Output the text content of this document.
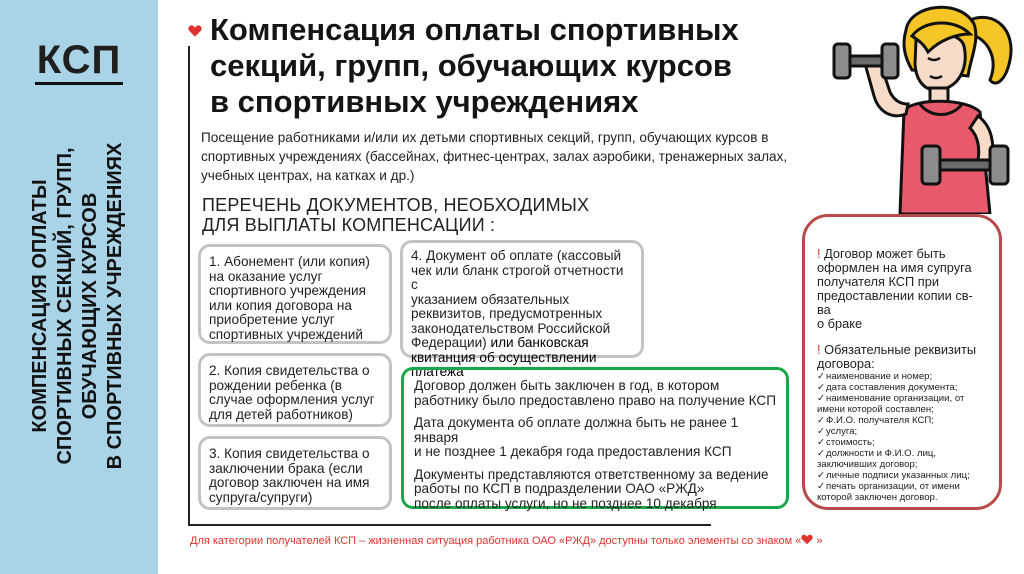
КСП
КОМПЕНСАЦИЯ ОПЛАТЫ СПОРТИВНЫХ СЕКЦИЙ, ГРУПП, ОБУЧАЮЩИХ КУРСОВ В СПОРТИВНЫХ УЧРЕЖДЕНИЯХ
Компенсация оплаты спортивных
секций, групп, обучающих курсов
в спортивных учреждениях
Посещение работниками и/или их детьми спортивных секций, групп, обучающих курсов в
спортивных учреждениях (бассейнах, фитнес-центрах, залах аэробики, тренажерных залах,
учебных центрах, на катках и др.)
ПЕРЕЧЕНЬ ДОКУМЕНТОВ, НЕОБХОДИМЫХ
ДЛЯ ВЫПЛАТЫ КОМПЕНСАЦИИ :
1. Абонемент (или копия)
на оказание услуг
спортивного учреждения
или копия договора на
приобретение услуг
спортивных учреждений
2. Копия свидетельства о
рождении ребенка (в
случае оформления услуг
для детей работников)
3. Копия свидетельства о
заключении брака (если
договор заключен на имя
супруга/супруги)
4. Документ об оплате (кассовый
чек или бланк строгой отчетности с
указанием обязательных
реквизитов, предусмотренных
законодательством Российской
Федерации) или банковская
квитанция об осуществлении
платежа

Договор должен быть заключен в год, в котором
работнику было предоставлено право на получение КСП

Дата документа об оплате должна быть не ранее 1 января
и не позднее 1 декабря года предоставления КСП

Документы представляются ответственному за ведение
работы по КСП в подразделении ОАО «РЖД»
после оплаты услуги, но не позднее 10 декабря

! Договор может быть
оформлен на имя супруга
получателя КСП при
предоставлении копии св-ва
о браке
! Обязательные реквизиты
договора:
✓ наименование и номер;
✓ дата составления документа;
✓ наименование организации, от имени которой составлен;
✓ Ф.И.О. получателя КСП;
✓ услуга;
✓ стоимость;
✓ должности и Ф.И.О. лиц, заключивших договор;
✓ личные подписи указанных лиц;
✓ печать организации, от имени которой заключен договор.
Для категории получателей КСП – жизненная ситуация работника ОАО «РЖД» доступны только элементы со знаком « »
